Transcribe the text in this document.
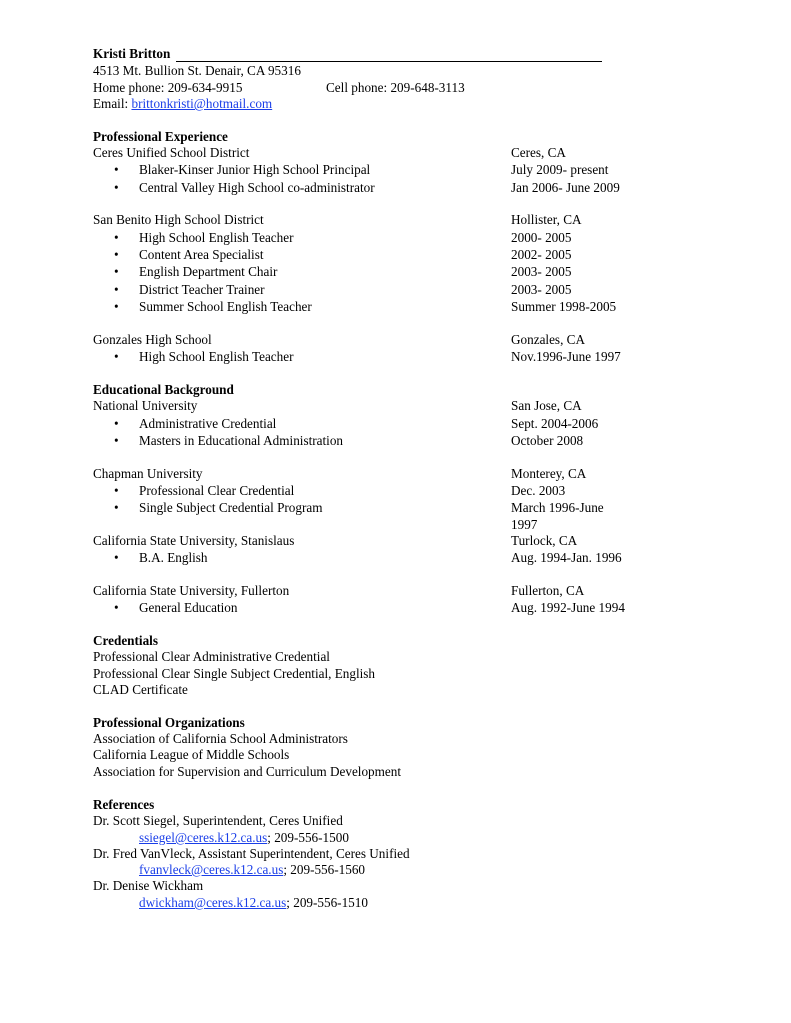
Kristi Britton
4513 Mt. Bullion St. Denair, CA 95316
Home phone: 209-634-9915	Cell phone: 209-648-3113
Email: brittonkristi@hotmail.com
Professional Experience
Ceres Unified School District	Ceres, CA
• Blaker-Kinser Junior High School Principal	July 2009- present
• Central Valley High School co-administrator	Jan 2006- June 2009
San Benito High School District	Hollister, CA
• High School English Teacher	2000- 2005
• Content Area Specialist	2002- 2005
• English Department Chair	2003- 2005
• District Teacher Trainer	2003- 2005
• Summer School English Teacher	Summer 1998-2005
Gonzales High School	Gonzales, CA
• High School English Teacher	Nov.1996-June 1997
Educational Background
National University	San Jose, CA
• Administrative Credential	Sept. 2004-2006
• Masters in Educational Administration	October 2008
Chapman University	Monterey, CA
• Professional Clear Credential	Dec. 2003
• Single Subject Credential Program	March 1996-June
1997
California State University, Stanislaus	Turlock, CA
• B.A. English	Aug. 1994-Jan. 1996
California State University, Fullerton	Fullerton, CA
• General Education	Aug. 1992-June 1994
Credentials
Professional Clear Administrative Credential
Professional Clear Single Subject Credential, English
CLAD Certificate
Professional Organizations
Association of California School Administrators
California League of Middle Schools
Association for Supervision and Curriculum Development
References
Dr. Scott Siegel, Superintendent, Ceres Unified
ssiegel@ceres.k12.ca.us; 209-556-1500
Dr. Fred VanVleck, Assistant Superintendent, Ceres Unified
fvanvleck@ceres.k12.ca.us; 209-556-1560
Dr. Denise Wickham
dwickham@ceres.k12.ca.us; 209-556-1510
